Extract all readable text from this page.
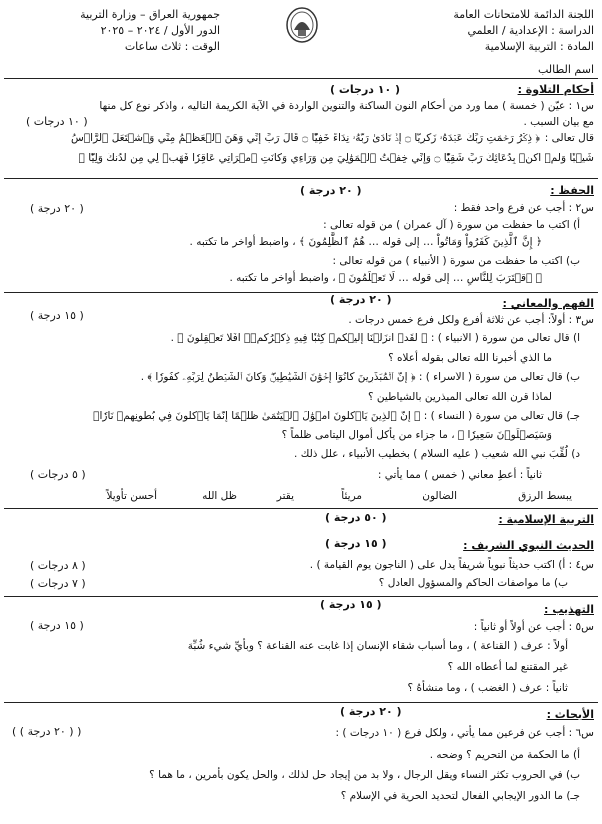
اللجنة الدائمة للامتحانات العامة
الدراسة : الإعدادية / العلمي
المادة : التربية الإسلامية
جمهورية العراق – وزارة التربية
الدور الأول / ٢٠٢٤ – ٢٠٢٥
الوقت : ثلاث ساعات
اسم الطالب
أحكام التلاوة :
( ١٠ درجات )
س١ : عيّن ( خمسة ) مما ورد من أحكام النون الساكنة والتنوين الواردة في الآية الكريمة التاليه ، واذكر نوع كل منها
مع بيان السبب .
( ١٠ درجات )
قال تعالى :
﴿ ذِكۡرُ رَحۡمَتِ رَبِّكَ عَبۡدَهُۥ زَكَرِيَّآ ۝ إِذۡ نَادَىٰ رَبَّهُۥ نِدَآءً خَفِيّٗا ۝ قَالَ رَبِّ إِنِّي وَهَنَ ٱلۡعَظۡمُ مِنِّي وَٱشۡتَعَلَ ٱلرَّأۡسُ
شَيۡبٗا وَلَمۡ أَكُنۢ بِدُعَآئِكَ رَبِّ شَقِيّٗا ۝ وَإِنِّي خِفۡتُ ٱلۡمَوَٰلِيَ مِن وَرَآءِي وَكَانَتِ ٱمۡرَأَتِي عَاقِرٗا فَهَبۡ لِي مِن لَّدُنكَ وَلِيّٗا ﴾
الحفظ :
( ٢٠ درجة )
س٢ : أجب عن فرع واحد فقط :
( ٢٠ درجة )
أ) اكتب ما حفظت من سورة ( آل عمران ) من قوله تعالى :
﴿ إِنَّ ٱلَّذِينَ كَفَرُواْ وَمَاتُواْ … إلى قوله … هُمُ ٱلظَّٰلِمُونَ ﴾ ، واضبط أواخر ما تكتبه .
ب) اكتب ما حفظت من سورة ( الأنبياء ) من قوله تعالى :
﴿ ٱقۡتَرَبَ لِلنَّاسِ … إلى قوله … لَا تَعۡلَمُونَ ﴾ ، واضبط أواخر ما تكتبه .
الفهم والمعاني :
( ٢٠ درجة )
س٣ : أولاً: أجب عن ثلاثة أفرع ولكل فرع خمس درجات .
( ١٥ درجة )
أ) قال تعالى من سورة ( الأنبياء ) : ﴿ لَقَدۡ أَنزَلۡنَآ إِلَيۡكُمۡ كِتَٰبٗا فِيهِ ذِكۡرُكُمۡۚ أَفَلَا تَعۡقِلُونَ ﴾ .
ما الذي أخبرنا الله تعالى بقوله أعلاه ؟
ب) قال تعالى من سورة ( الأسراء ) : ﴿ إِنَّ ٱلۡمُبَذِّرِينَ كَانُوٓاْ إِخۡوَٰنَ ٱلشَّيَٰطِينِۖ وَكَانَ ٱلشَّيۡطَٰنُ لِرَبِّهِۦ كَفُورٗا ﴾ .
لماذا قرن الله تعالى المبذرين بالشياطين ؟
جـ) قال تعالى من سورة ( النساء ) : ﴿ إِنَّ ٱلَّذِينَ يَأۡكُلُونَ أَمۡوَٰلَ ٱلۡيَتَٰمَىٰ ظُلۡمًا إِنَّمَا يَأۡكُلُونَ فِي بُطُونِهِمۡ نَارٗاۖ
وَسَيَصۡلَوۡنَ سَعِيرٗا ﴾ ، ما جزاء من يأكل أموال اليتامى ظلماً ؟
د) لُقِّبَ نبي الله شعيب ( عليه السلام ) بخطيب الأنبياء ، علل ذلك .
ثانياً : أعطِ معاني ( خمس ) مما يأتي :
( ٥ درجات )
يبسط الرزق
الضالون
مريئاً
يقتر
ظل الله
أحسن تأويلاً
التربية الإسلامية :
( ٥٠ درجة )
الحديث النبوي الشريف :
( ١٥ درجة )
س٤ : أ) اكتب حديثاً نبوياً شريفاً يدل على ( الناجون يوم القيامة ) .
( ٨ درجات )
ب) ما مواصفات الحاكم والمسؤول العادل ؟
( ٧ درجات )
التهذيب :
( ١٥ درجة )
س٥ : أجب عن أولاً أو ثانياً :
( ١٥ درجة )
أولاً : عرف ( القناعة ) ، وما أسباب شقاء الإنسان إذا غابت عنه القناعة ؟ وبأيِّ شيء شُبِّهَ
غير المقتنع لما أعطاه الله ؟
ثانياً : عرف ( الغضب ) ، وما منشأهُ ؟
الأبحاث :
( ٢٠ درجة )
س٦ : أجب عن فرعين مما يأتي ، ولكل فرع ( ١٠ درجات ) :
( ( ٢٠ درجة ) )
أ) ما الحكمة من التحريم ؟ وضحه .
ب) في الحروب تكثر النساء ويقل الرجال ، ولا بد من إيجاد حل لذلك ، والحل يكون بأمرين ، ما هما ؟
جـ) ما الدور الإيجابي الفعال لتحديد الحرية في الإسلام ؟
